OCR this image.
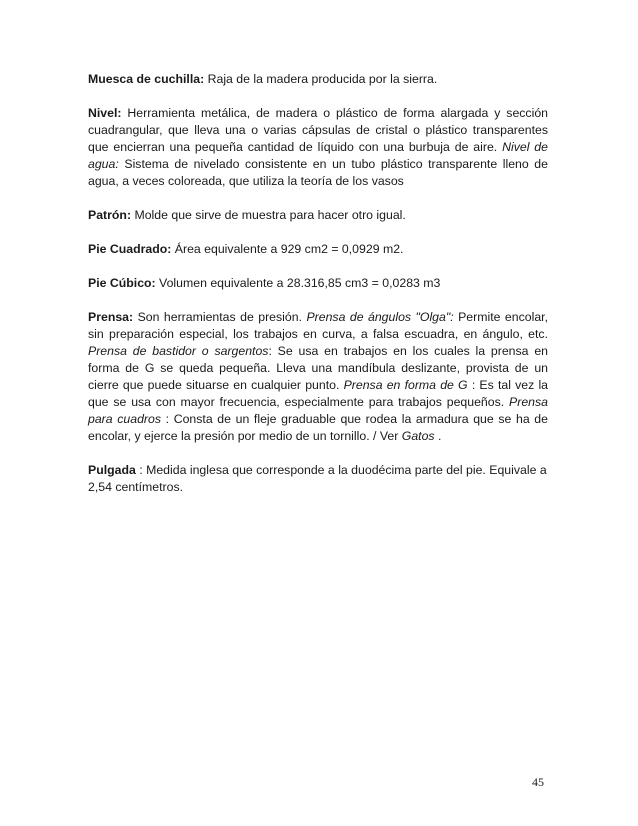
Muesca de cuchilla: Raja de la madera producida por la sierra.

Nivel: Herramienta metálica, de madera o plástico de forma alargada y sección cuadrangular, que lleva una o varias cápsulas de cristal o plástico transparentes que encierran una pequeña cantidad de líquido con una burbuja de aire. Nivel de agua: Sistema de nivelado consistente en un tubo plástico transparente lleno de agua, a veces coloreada, que utiliza la teoría de los vasos

Patrón: Molde que sirve de muestra para hacer otro igual.

Pie Cuadrado: Área equivalente a 929 cm2 = 0,0929 m2.

Pie Cúbico: Volumen equivalente a 28.316,85 cm3 = 0,0283 m3

Prensa: Son herramientas de presión. Prensa de ángulos "Olga": Permite encolar, sin preparación especial, los trabajos en curva, a falsa escuadra, en ángulo, etc. Prensa de bastidor o sargentos: Se usa en trabajos en los cuales la prensa en forma de G se queda pequeña. Lleva una mandíbula deslizante, provista de un cierre que puede situarse en cualquier punto. Prensa en forma de G : Es tal vez la que se usa con mayor frecuencia, especialmente para trabajos pequeños. Prensa para cuadros : Consta de un fleje graduable que rodea la armadura que se ha de encolar, y ejerce la presión por medio de un tornillo. / Ver Gatos .

Pulgada : Medida inglesa que corresponde a la duodécima parte del pie. Equivale a 2,54 centímetros.

45
